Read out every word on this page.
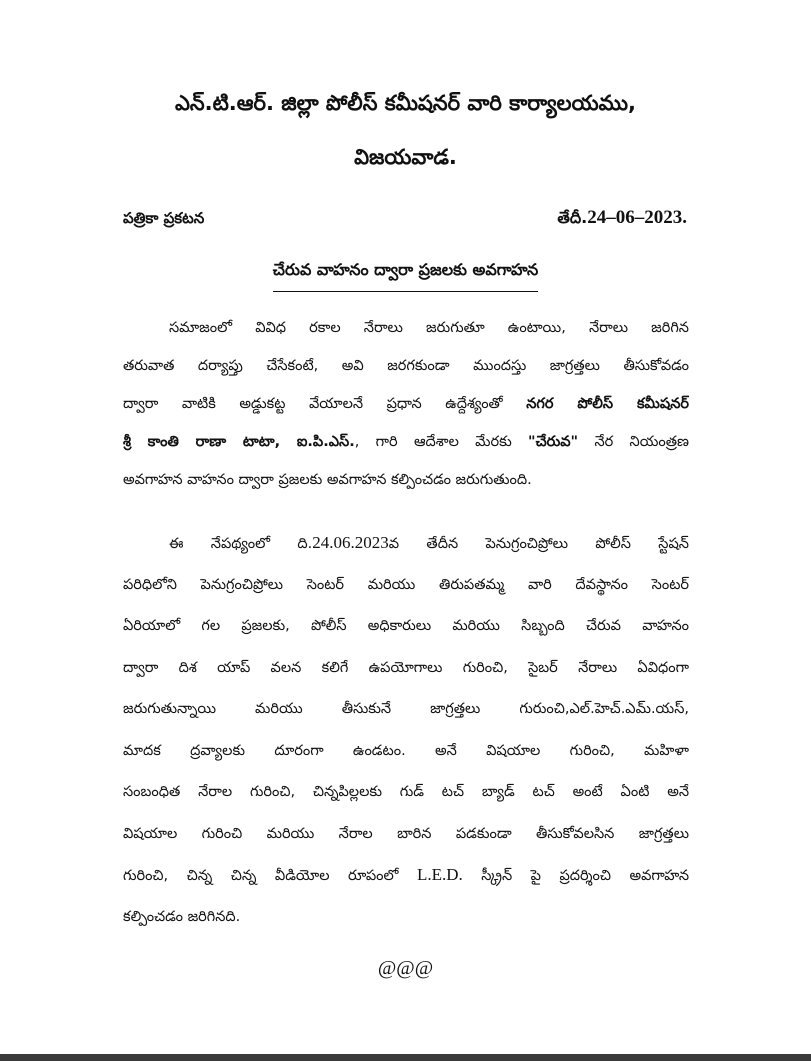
ఎన్.టి.ఆర్. జిల్లా పోలీస్ కమీషనర్ వారి కార్యాలయము,
విజయవాడ.
పత్రికా ప్రకటన	తేదీ.24–06–2023.
చేరువ వాహనం ద్వారా ప్రజలకు అవగాహన
సమాజంలో వివిధ రకాల నేరాలు జరుగుతూ ఉంటాయి, నేరాలు జరిగిన
తరువాత దర్యాప్తు చేసేకంటే, అవి జరగకుండా ముందస్తు జాగ్రత్తలు తీసుకోవడం
ద్వారా వాటికి అడ్డుకట్ట వేయాలనే ప్రధాన ఉద్దేశ్యంతో నగర పోలీస్ కమీషనర్
శ్రీ కాంతి రాణా టాటా, ఐ.పి.ఎస్., గారి ఆదేశాల మేరకు "చేరువ" నేర నియంత్రణ
అవగాహన వాహనం ద్వారా ప్రజలకు అవగాహన కల్పించడం జరుగుతుంది.
ఈ నేపథ్యంలో ది.24.06.2023వ తేదీన పెనుగ్రంచిప్రోలు పోలీస్ స్టేషన్
పరిధిలోని పెనుగ్రంచిప్రోలు సెంటర్ మరియు తిరుపతమ్మ వారి దేవస్థానం సెంటర్
ఏరియాలో గల ప్రజలకు, పోలీస్ అధికారులు మరియు సిబ్బంది చేరువ వాహనం
ద్వారా దిశ యాప్ వలన కలిగే ఉపయోగాలు గురించి, సైబర్ నేరాలు ఏవిధంగా
జరుగుతున్నాయి మరియు తీసుకునే జాగ్రత్తలు గురుంచి,ఎల్.హెచ్.ఎమ్.యస్,
మాదక ద్రవ్యాలకు దూరంగా ఉండటం. అనే విషయాల గురించి, మహిళా
సంబంధిత నేరాల గురించి, చిన్నపిల్లలకు గుడ్ టచ్ బ్యాడ్ టచ్ అంటే ఏంటి అనే
విషయాల గురించి మరియు నేరాల బారిన పడకుండా తీసుకోవలసిన జాగ్రత్తలు
గురించి, చిన్న చిన్న వీడియోల రూపంలో L.E.D. స్క్రీన్ పై ప్రదర్శించి అవగాహన
కల్పించడం జరిగినది.
@@@
